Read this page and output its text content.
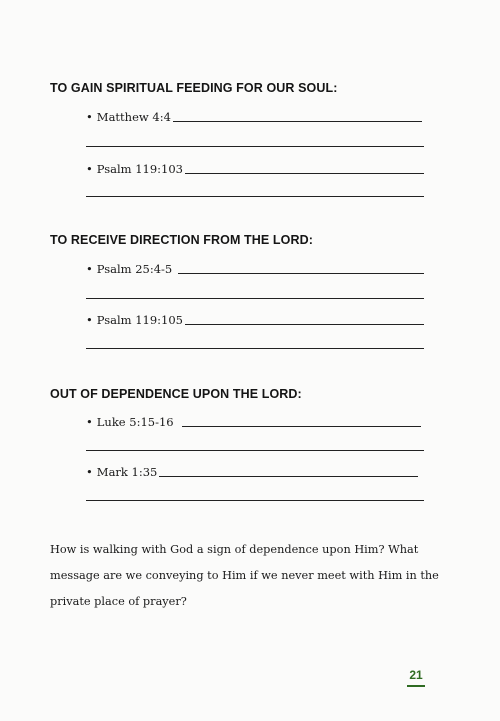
TO GAIN SPIRITUAL FEEDING FOR OUR SOUL:
• Matthew 4:4
• Psalm 119:103
TO RECEIVE DIRECTION FROM THE LORD:
• Psalm 25:4-5
• Psalm 119:105
OUT OF DEPENDENCE UPON THE LORD:
• Luke 5:15-16
• Mark 1:35
How is walking with God a sign of dependence upon Him? What message are we conveying to Him if we never meet with Him in the private place of prayer?
21
